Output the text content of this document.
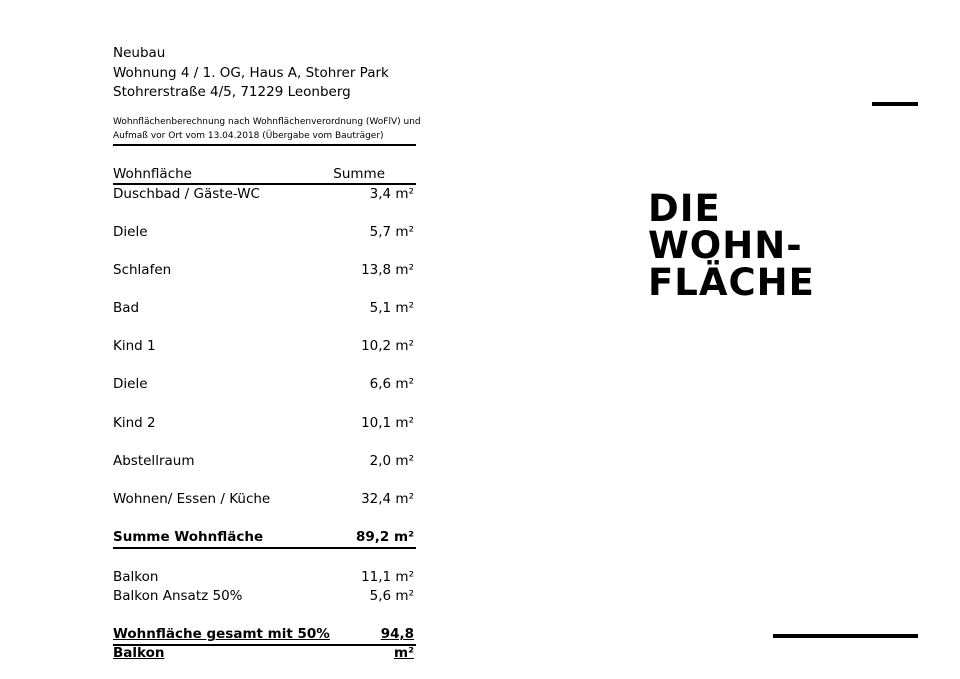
Neubau
Wohnung 4 / 1. OG, Haus A, Stohrer Park
Stohrerstraße 4/5, 71229 Leonberg
Wohnflächenberechnung nach Wohnflächenverordnung (WoFlV) und
Aufmaß vor Ort vom 13.04.2018 (Übergabe vom Bauträger)
Wohnfläche	Summe
Duschbad / Gäste-WC	3,4 m²
Diele	5,7 m²
Schlafen	13,8 m²
Bad	5,1 m²
Kind 1	10,2 m²
Diele	6,6 m²
Kind 2	10,1 m²
Abstellraum	2,0 m²
Wohnen/ Essen / Küche	32,4 m²
Summe Wohnfläche	89,2 m²
Balkon	11,1 m²
Balkon Ansatz 50%	5,6 m²
Wohnfläche gesamt mit 50% Balkon
94,8 m²
DIE
WOHN-
FLÄCHE
